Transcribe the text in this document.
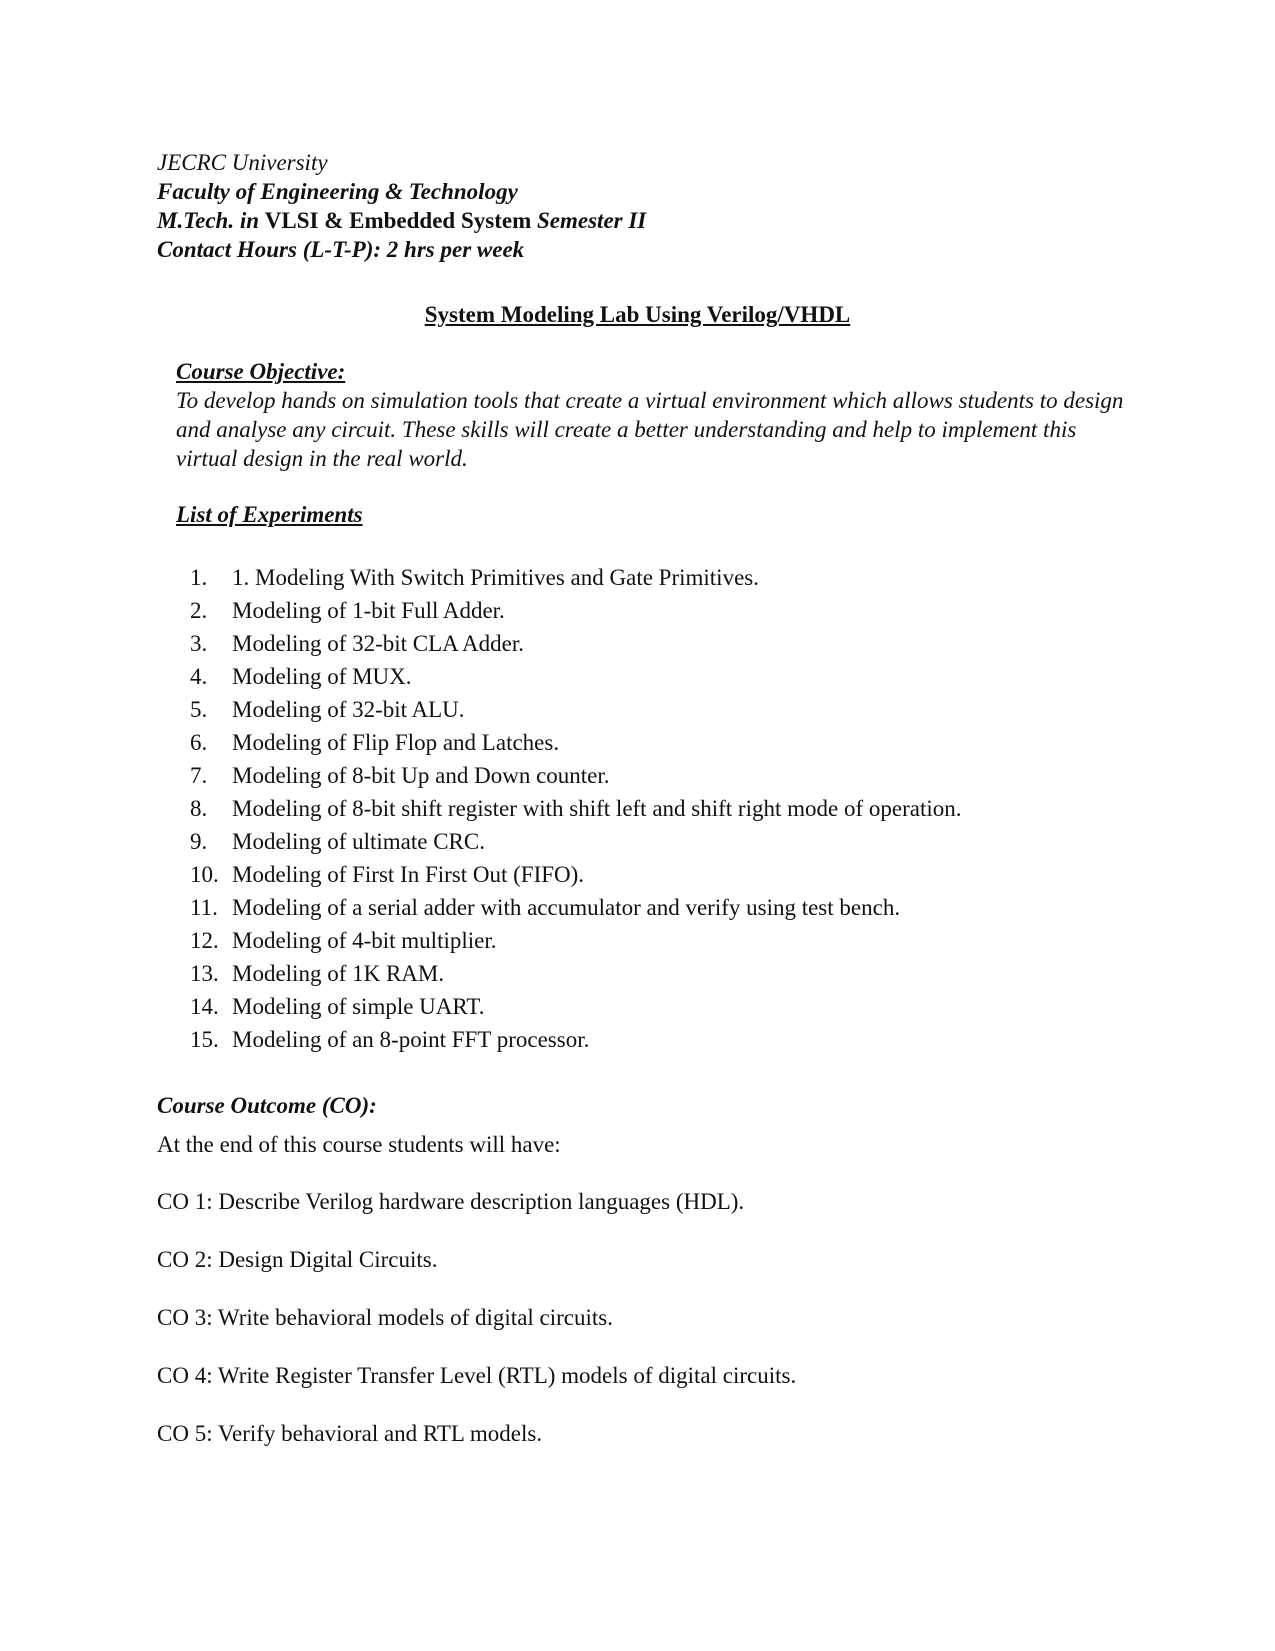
JECRC University
Faculty of Engineering & Technology
M.Tech. in VLSI & Embedded System Semester II
Contact Hours (L-T-P): 2 hrs per week
System Modeling Lab Using Verilog/VHDL
Course Objective:
To develop hands on simulation tools that create a virtual environment which allows students to design and analyse any circuit. These skills will create a better understanding and help to implement this virtual design in the real world.
List of Experiments
1. 1. Modeling With Switch Primitives and Gate Primitives.
2. Modeling of 1-bit Full Adder.
3. Modeling of 32-bit CLA Adder.
4. Modeling of MUX.
5. Modeling of 32-bit ALU.
6. Modeling of Flip Flop and Latches.
7. Modeling of 8-bit Up and Down counter.
8. Modeling of 8-bit shift register with shift left and shift right mode of operation.
9. Modeling of ultimate CRC.
10. Modeling of First In First Out (FIFO).
11. Modeling of a serial adder with accumulator and verify using test bench.
12. Modeling of 4-bit multiplier.
13. Modeling of 1K RAM.
14. Modeling of simple UART.
15. Modeling of an 8-point FFT processor.
Course Outcome (CO):
At the end of this course students will have:
CO 1: Describe Verilog hardware description languages (HDL).
CO 2: Design Digital Circuits.
CO 3: Write behavioral models of digital circuits.
CO 4: Write Register Transfer Level (RTL) models of digital circuits.
CO 5: Verify behavioral and RTL models.
